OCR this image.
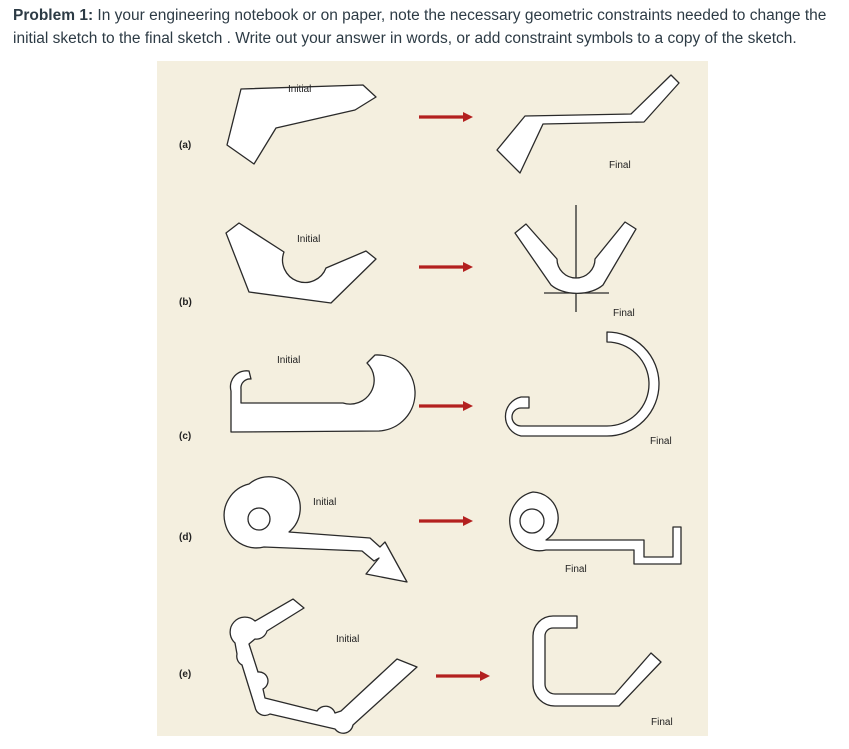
Problem 1: In your engineering notebook or on paper, note the necessary geometric constraints needed to change the initial sketch to the final sketch . Write out your answer in words, or add constraint symbols to a copy of the sketch.
(a)
(b)
(c)
(d)
(e)
Initial
Final
Initial
Final
Initial
Final
Initial
Final
Initial
Final
